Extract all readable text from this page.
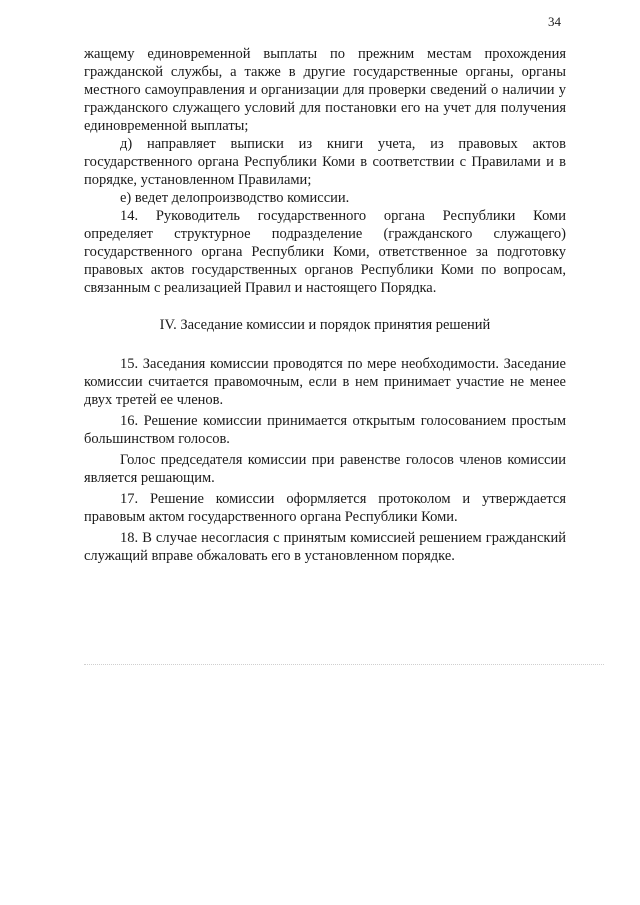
34

жащему единовременной выплаты по прежним местам прохождения гражданской службы, а также в другие государственные органы, органы местного самоуправления и организации для проверки сведений о наличии у гражданского служащего условий для постановки его на учет для получения единовременной выплаты;

д) направляет выписки из книги учета, из правовых актов государственного органа Республики Коми в соответствии с Правилами и в порядке, установленном Правилами;

е) ведет делопроизводство комиссии.

14. Руководитель государственного органа Республики Коми определяет структурное подразделение (гражданского служащего) государственного органа Республики Коми, ответственное за подготовку правовых актов государственных органов Республики Коми по вопросам, связанным с реализацией Правил и настоящего Порядка.

IV. Заседание комиссии и порядок принятия решений

15. Заседания комиссии проводятся по мере необходимости. Заседание комиссии считается правомочным, если в нем принимает участие не менее двух третей ее членов.

16. Решение комиссии принимается открытым голосованием простым большинством голосов.

Голос председателя комиссии при равенстве голосов членов комиссии является решающим.

17. Решение комиссии оформляется протоколом и утверждается правовым актом государственного органа Республики Коми.

18. В случае несогласия с принятым комиссией решением гражданский служащий вправе обжаловать его в установленном порядке.
